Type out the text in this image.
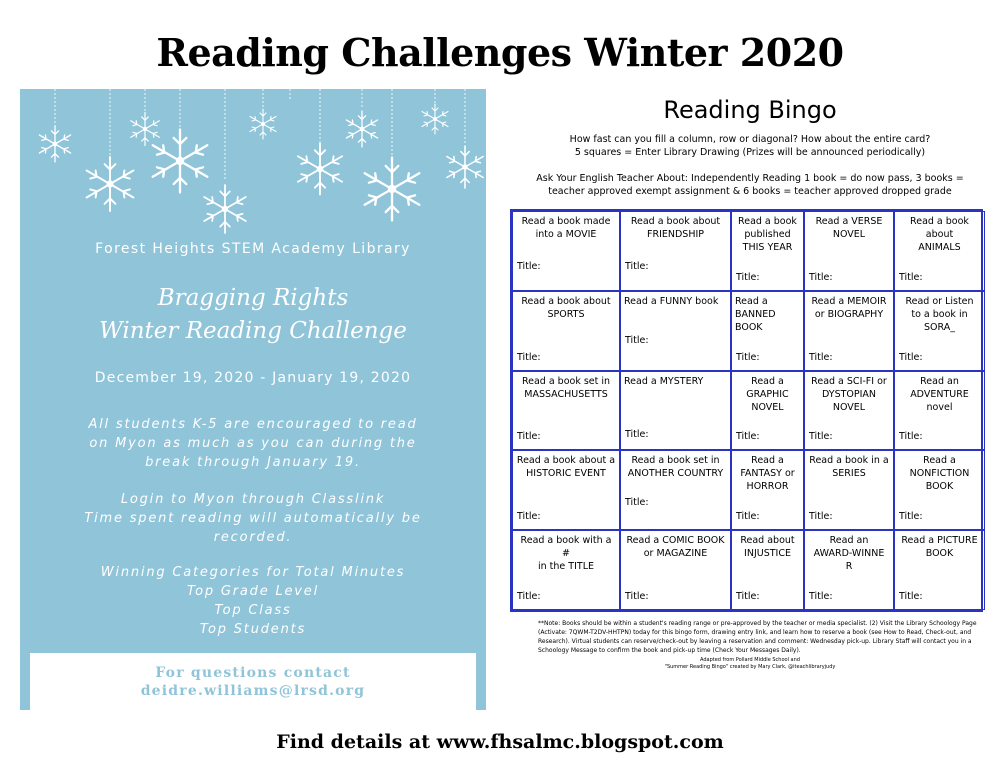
Reading Challenges Winter 2020
Forest Heights STEM Academy Library
Bragging Rights
Winter Reading Challenge
December 19, 2020 - January 19, 2020
All students K-5 are encouraged to read
on Myon as much as you can during the
break through January 19.
Login to Myon through Classlink
Time spent reading will automatically be
recorded.
Winning Categories for Total Minutes
Top Grade Level
Top Class
Top Students
For questions contact
deidre.williams@lrsd.org
Reading Bingo
How fast can you fill a column, row or diagonal? How about the entire card?
5 squares = Enter Library Drawing (Prizes will be announced periodically)
Ask Your English Teacher About: Independently Reading 1 book = do now pass, 3 books =
teacher approved exempt assignment & 6 books = teacher approved dropped grade
Read a book made
into a MOVIE
Title:
Read a book about
FRIENDSHIP
Title:
Read a book
published
THIS YEAR
Title:
Read a VERSE
NOVEL
Title:
Read a book
about
ANIMALS
Title:
Read a book about
SPORTS
Title:
Read a FUNNY book
Title:
Read a
BANNED
BOOK
Title:
Read a MEMOIR
or BIOGRAPHY
Title:
Read or Listen
to a book in
SORA_
Title:
Read a book set in
MASSACHUSETTS
Title:
Read a MYSTERY
Title:
Read a
GRAPHIC
NOVEL
Title:
Read a SCI-FI or
DYSTOPIAN
NOVEL
Title:
Read an
ADVENTURE
novel
Title:
Read a book about a
HISTORIC EVENT
Title:
Read a book set in
ANOTHER COUNTRY
Title:
Read a
FANTASY or
HORROR
Title:
Read a book in a
SERIES
Title:
Read a
NONFICTION
BOOK
Title:
Read a book with a #
in the TITLE
Title:
Read a COMIC BOOK
or MAGAZINE
Title:
Read about
INJUSTICE
Title:
Read an
AWARD-WINNE
R
Title:
Read a PICTURE
BOOK
Title:
**Note: Books should be within a student's reading range or pre-approved by the teacher or media specialist. (2) Visit the Library Schoology Page (Activate: 7QWM-T2DV-HHTPN) today for this bingo form, drawing entry link, and learn how to reserve a book (see How to Read, Check-out, and Research). Virtual students can reserve/check-out by leaving a reservation and comment: Wednesday pick-up. Library Staff will contact you in a Schoology Message to confirm the book and pick-up time (Check Your Messages Daily).
Adapted from Pollard Middle School and
"Summer Reading Bingo" created by Mary Clark, @iteachlibraryjudy
Find details at www.fhsalmc.blogspot.com
